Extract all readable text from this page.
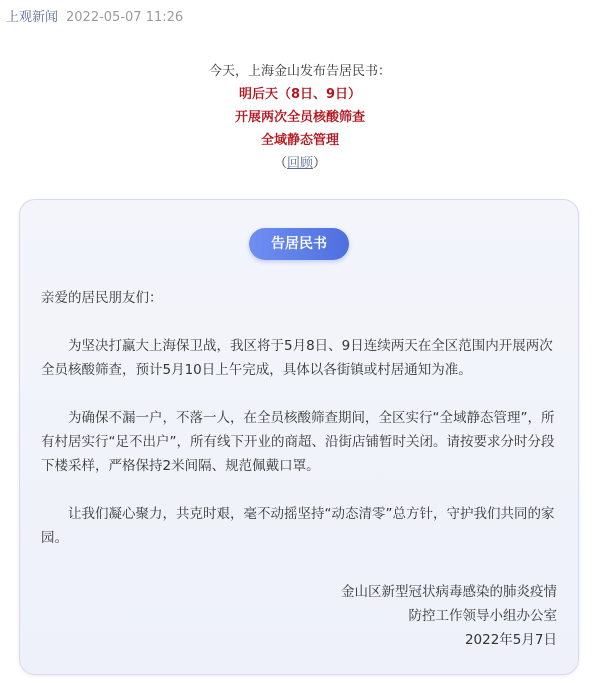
上观新闻 2022-05-07 11:26
今天，上海金山发布告居民书：
明后天（8日、9日）
开展两次全员核酸筛查
全域静态管理
（回顾）
告居民书

亲爱的居民朋友们：

为坚决打赢大上海保卫战，我区将于5月8日、9日连续两天在全区范围内开展两次全员核酸筛查，预计5月10日上午完成，具体以各街镇或村居通知为准。

为确保不漏一户，不落一人，在全员核酸筛查期间，全区实行“全域静态管理”，所有村居实行“足不出户”，所有线下开业的商超、沿街店铺暂时关闭。请按要求分时分段下楼采样，严格保持2米间隔、规范佩戴口罩。

让我们凝心聚力，共克时艰，毫不动摇坚持“动态清零”总方针，守护我们共同的家园。

金山区新型冠状病毒感染的肺炎疫情
防控工作领导小组办公室
2022年5月7日
